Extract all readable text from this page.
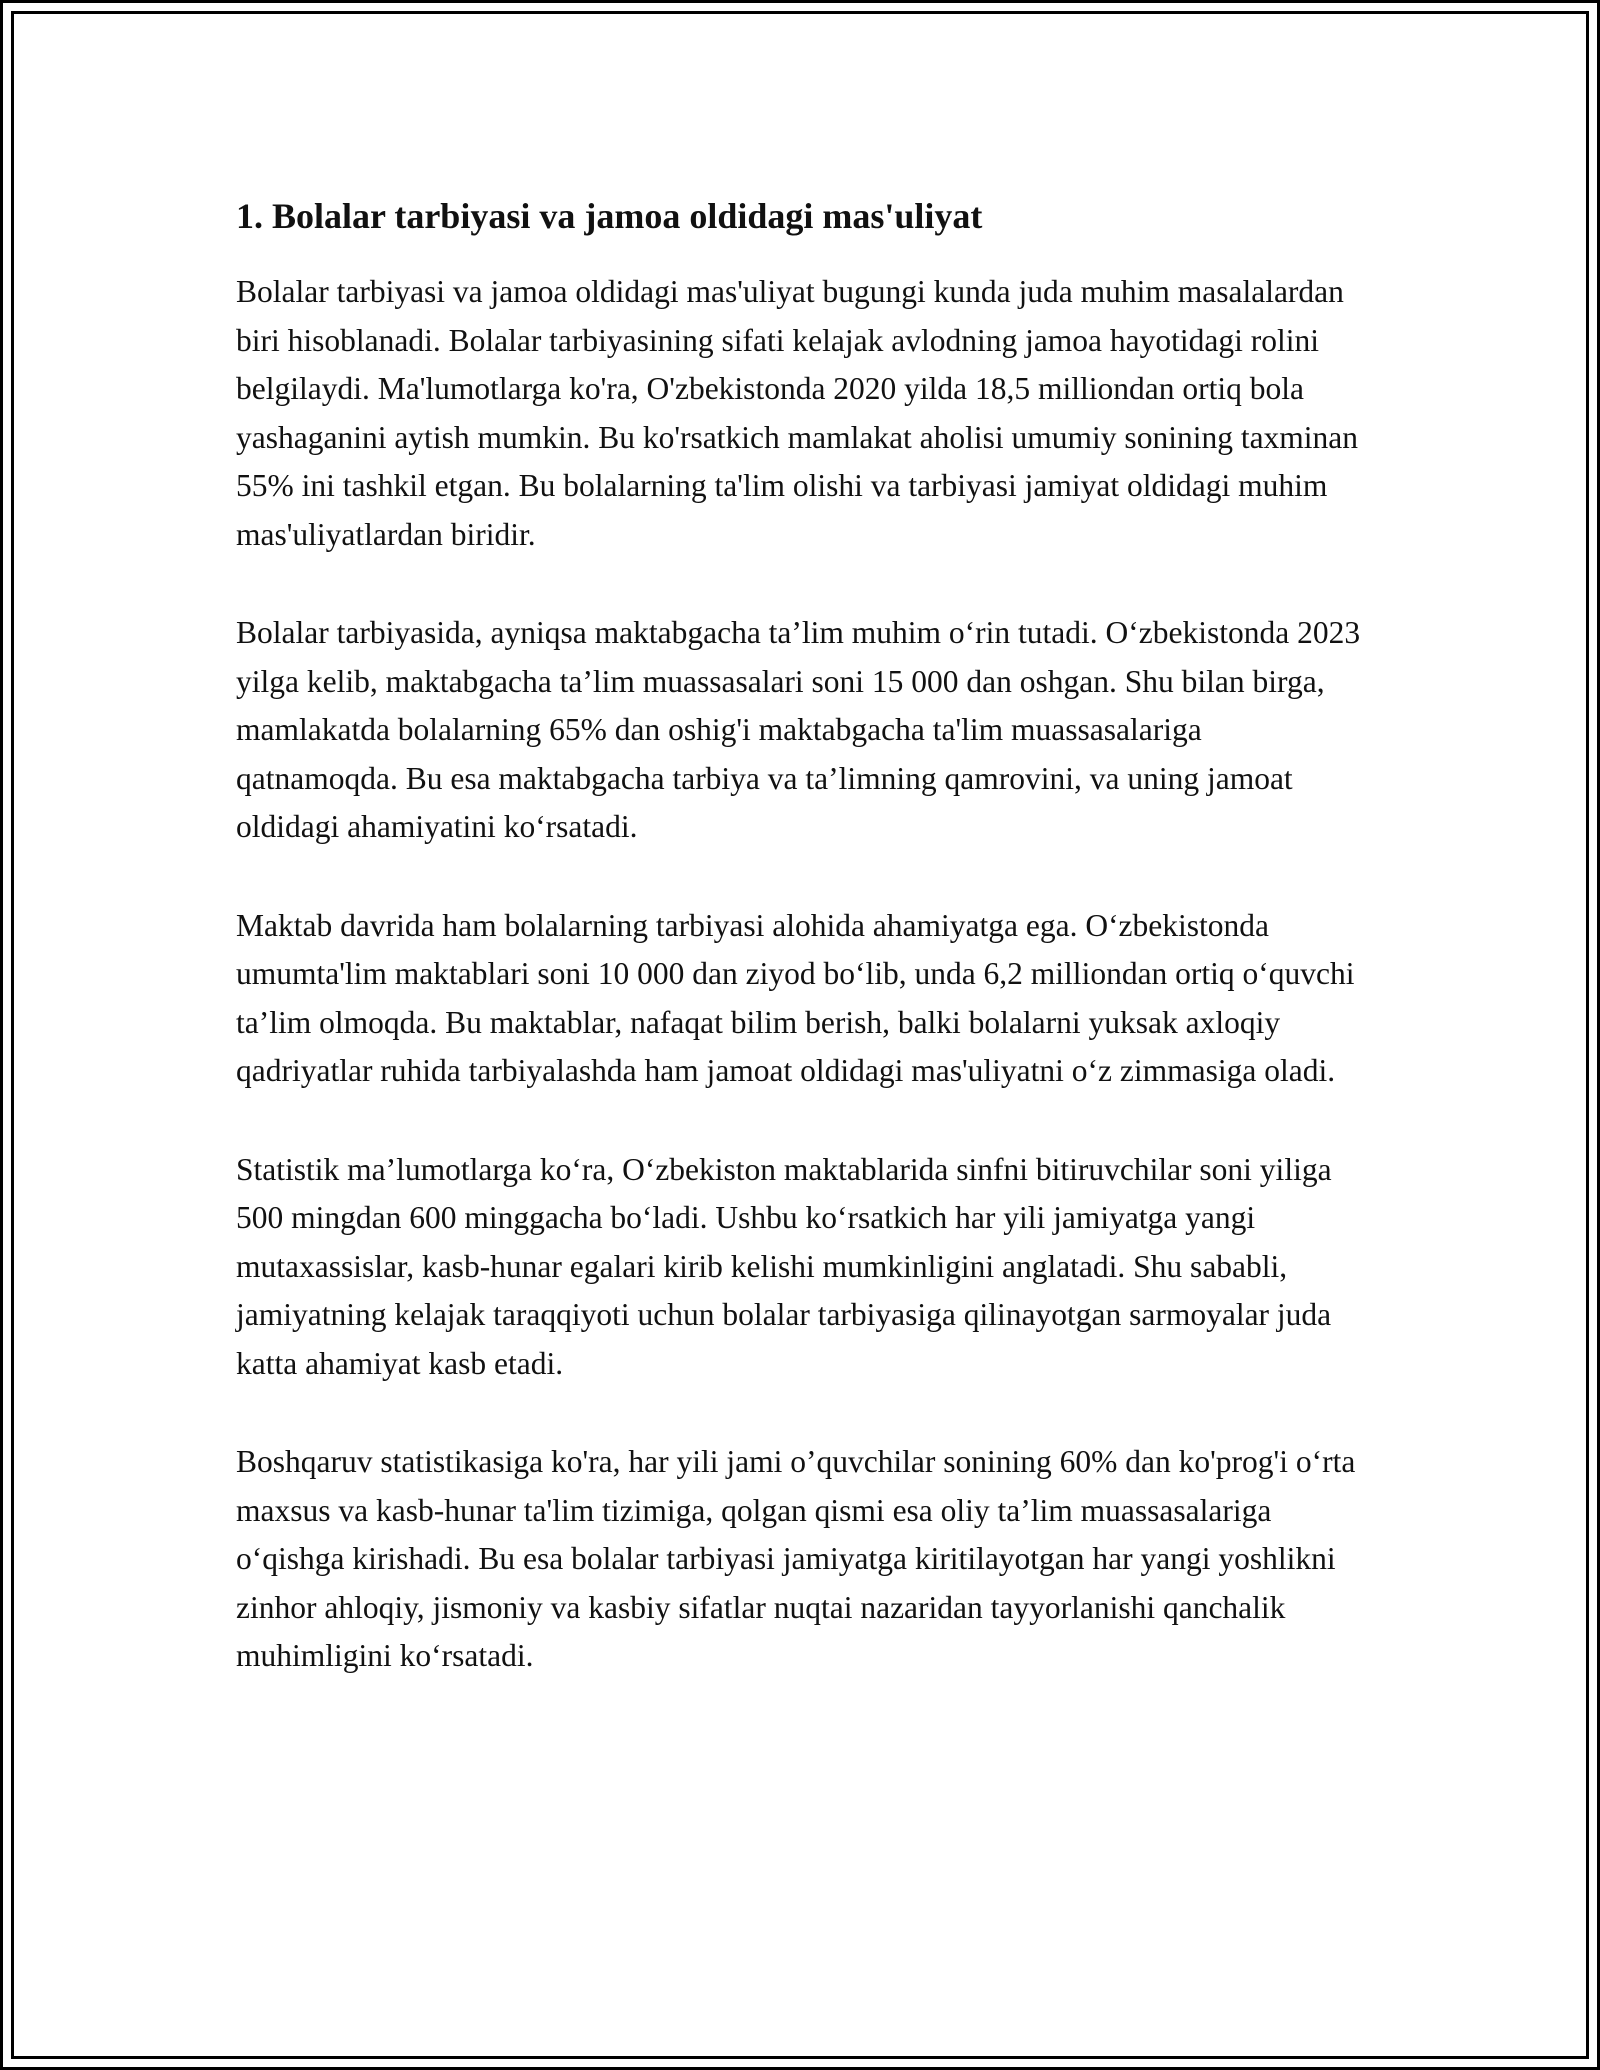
1. Bolalar tarbiyasi va jamoa oldidagi mas'uliyat

Bolalar tarbiyasi va jamoa oldidagi mas'uliyat bugungi kunda juda muhim masalalardan biri hisoblanadi. Bolalar tarbiyasining sifati kelajak avlodning jamoa hayotidagi rolini belgilaydi. Ma'lumotlarga ko'ra, O'zbekistonda 2020 yilda 18,5 milliondan ortiq bola yashaganini aytish mumkin. Bu ko'rsatkich mamlakat aholisi umumiy sonining taxminan 55% ini tashkil etgan. Bu bolalarning ta'lim olishi va tarbiyasi jamiyat oldidagi muhim mas'uliyatlardan biridir.

Bolalar tarbiyasida, ayniqsa maktabgacha ta’lim muhim o‘rin tutadi. O‘zbekistonda 2023 yilga kelib, maktabgacha ta’lim muassasalari soni 15 000 dan oshgan. Shu bilan birga, mamlakatda bolalarning 65% dan oshig'i maktabgacha ta'lim muassasalariga qatnamoqda. Bu esa maktabgacha tarbiya va ta’limning qamrovini, va uning jamoat oldidagi ahamiyatini ko‘rsatadi.

Maktab davrida ham bolalarning tarbiyasi alohida ahamiyatga ega. O‘zbekistonda umumta'lim maktablari soni 10 000 dan ziyod bo‘lib, unda 6,2 milliondan ortiq o‘quvchi ta’lim olmoqda. Bu maktablar, nafaqat bilim berish, balki bolalarni yuksak axloqiy qadriyatlar ruhida tarbiyalashda ham jamoat oldidagi mas'uliyatni o‘z zimmasiga oladi.

Statistik ma’lumotlarga ko‘ra, O‘zbekiston maktablarida sinfni bitiruvchilar soni yiliga 500 mingdan 600 minggacha bo‘ladi. Ushbu ko‘rsatkich har yili jamiyatga yangi mutaxassislar, kasb-hunar egalari kirib kelishi mumkinligini anglatadi. Shu sababli, jamiyatning kelajak taraqqiyoti uchun bolalar tarbiyasiga qilinayotgan sarmoyalar juda katta ahamiyat kasb etadi.

Boshqaruv statistikasiga ko'ra, har yili jami o’quvchilar sonining 60% dan ko'prog'i o‘rta maxsus va kasb-hunar ta'lim tizimiga, qolgan qismi esa oliy ta’lim muassasalariga o‘qishga kirishadi. Bu esa bolalar tarbiyasi jamiyatga kiritilayotgan har yangi yoshlikni zinhor ahloqiy, jismoniy va kasbiy sifatlar nuqtai nazaridan tayyorlanishi qanchalik muhimligini ko‘rsatadi.
